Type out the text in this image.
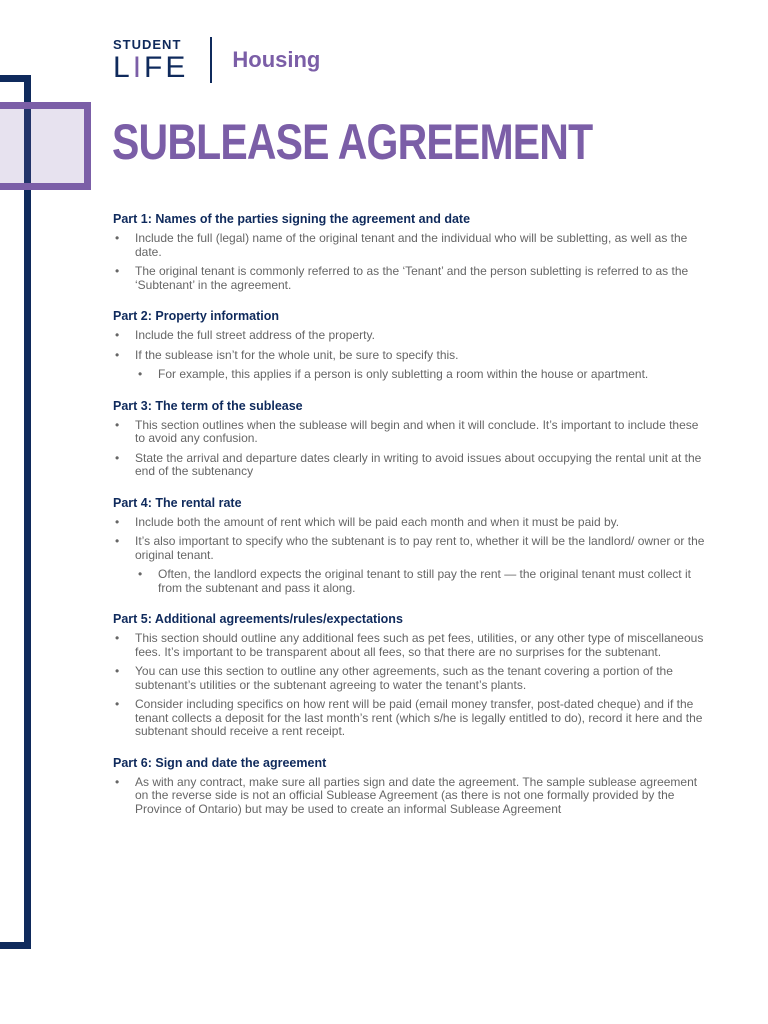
STUDENT
LIFE Housing
SUBLEASE AGREEMENT
Part 1: Names of the parties signing the agreement and date
• Include the full (legal) name of the original tenant and the individual who will be subletting, as well as the date.
• The original tenant is commonly referred to as the ‘Tenant’ and the person subletting is referred to as the ‘Subtenant’ in the agreement.
Part 2: Property information
• Include the full street address of the property.
• If the sublease isn’t for the whole unit, be sure to specify this.
• For example, this applies if a person is only subletting a room within the house or apartment.
Part 3: The term of the sublease
• This section outlines when the sublease will begin and when it will conclude. It’s important to include these to avoid any confusion.
• State the arrival and departure dates clearly in writing to avoid issues about occupying the rental unit at the end of the subtenancy
Part 4: The rental rate
• Include both the amount of rent which will be paid each month and when it must be paid by.
• It’s also important to specify who the subtenant is to pay rent to, whether it will be the landlord/ owner or the original tenant.
• Often, the landlord expects the original tenant to still pay the rent — the original tenant must collect it from the subtenant and pass it along.
Part 5: Additional agreements/rules/expectations
• This section should outline any additional fees such as pet fees, utilities, or any other type of miscellaneous fees. It’s important to be transparent about all fees, so that there are no surprises for the subtenant.
• You can use this section to outline any other agreements, such as the tenant covering a portion of the subtenant’s utilities or the subtenant agreeing to water the tenant’s plants.
• Consider including specifics on how rent will be paid (email money transfer, post-dated cheque) and if the tenant collects a deposit for the last month’s rent (which s/he is legally entitled to do), record it here and the subtenant should receive a rent receipt.
Part 6: Sign and date the agreement
• As with any contract, make sure all parties sign and date the agreement. The sample sublease agreement on the reverse side is not an official Sublease Agreement (as there is not one formally provided by the Province of Ontario) but may be used to create an informal Sublease Agreement
